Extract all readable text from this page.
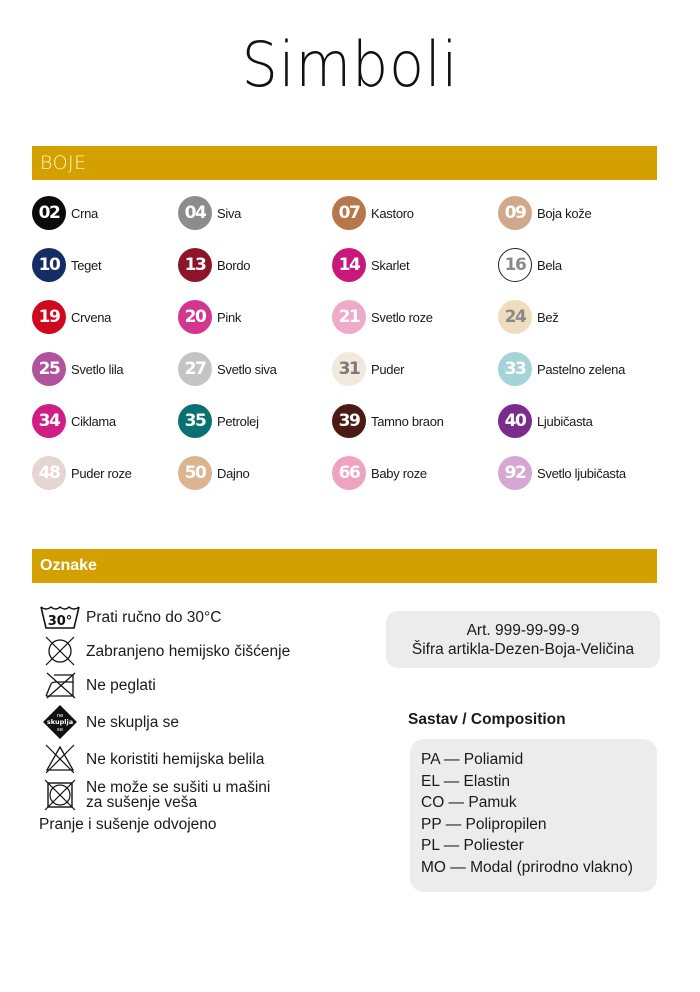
Simboli
BOJE
02 Crna	04 Siva	07 Kastoro	09 Boja kože
10 Teget	13 Bordo	14 Skarlet	16 Bela
19 Crvena	20 Pink	21 Svetlo roze	24 Bež
25 Svetlo lila	27 Svetlo siva	31 Puder	33 Pastelno zelena
34 Ciklama	35 Petrolej	39 Tamno braon	40 Ljubičasta
48 Puder roze	50 Dajno	66 Baby roze	92 Svetlo ljubičasta
Oznake
30° Prati ručno do 30°C
Zabranjeno hemijsko čišćenje
Ne peglati
ne
skuplja
se Ne skuplja se
Ne koristiti hemijska belila
Ne može se sušiti u mašini
za sušenje veša
Pranje i sušenje odvojeno
Art. 999-99-99-9
Šifra artikla-Dezen-Boja-Veličina
Sastav / Composition
PA — Poliamid
EL — Elastin
CO — Pamuk
PP — Polipropilen
PL — Poliester
MO — Modal (prirodno vlakno)
